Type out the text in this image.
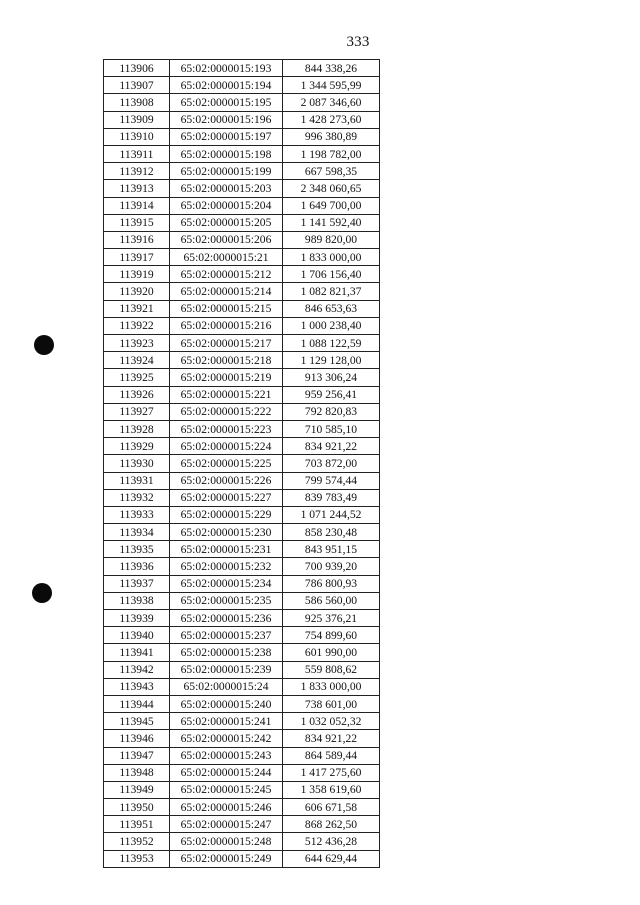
333
113906	65:02:0000015:193	844 338,26
113907	65:02:0000015:194	1 344 595,99
113908	65:02:0000015:195	2 087 346,60
113909	65:02:0000015:196	1 428 273,60
113910	65:02:0000015:197	996 380,89
113911	65:02:0000015:198	1 198 782,00
113912	65:02:0000015:199	667 598,35
113913	65:02:0000015:203	2 348 060,65
113914	65:02:0000015:204	1 649 700,00
113915	65:02:0000015:205	1 141 592,40
113916	65:02:0000015:206	989 820,00
113917	65:02:0000015:21	1 833 000,00
113919	65:02:0000015:212	1 706 156,40
113920	65:02:0000015:214	1 082 821,37
113921	65:02:0000015:215	846 653,63
113922	65:02:0000015:216	1 000 238,40
113923	65:02:0000015:217	1 088 122,59
113924	65:02:0000015:218	1 129 128,00
113925	65:02:0000015:219	913 306,24
113926	65:02:0000015:221	959 256,41
113927	65:02:0000015:222	792 820,83
113928	65:02:0000015:223	710 585,10
113929	65:02:0000015:224	834 921,22
113930	65:02:0000015:225	703 872,00
113931	65:02:0000015:226	799 574,44
113932	65:02:0000015:227	839 783,49
113933	65:02:0000015:229	1 071 244,52
113934	65:02:0000015:230	858 230,48
113935	65:02:0000015:231	843 951,15
113936	65:02:0000015:232	700 939,20
113937	65:02:0000015:234	786 800,93
113938	65:02:0000015:235	586 560,00
113939	65:02:0000015:236	925 376,21
113940	65:02:0000015:237	754 899,60
113941	65:02:0000015:238	601 990,00
113942	65:02:0000015:239	559 808,62
113943	65:02:0000015:24	1 833 000,00
113944	65:02:0000015:240	738 601,00
113945	65:02:0000015:241	1 032 052,32
113946	65:02:0000015:242	834 921,22
113947	65:02:0000015:243	864 589,44
113948	65:02:0000015:244	1 417 275,60
113949	65:02:0000015:245	1 358 619,60
113950	65:02:0000015:246	606 671,58
113951	65:02:0000015:247	868 262,50
113952	65:02:0000015:248	512 436,28
113953	65:02:0000015:249	644 629,44
